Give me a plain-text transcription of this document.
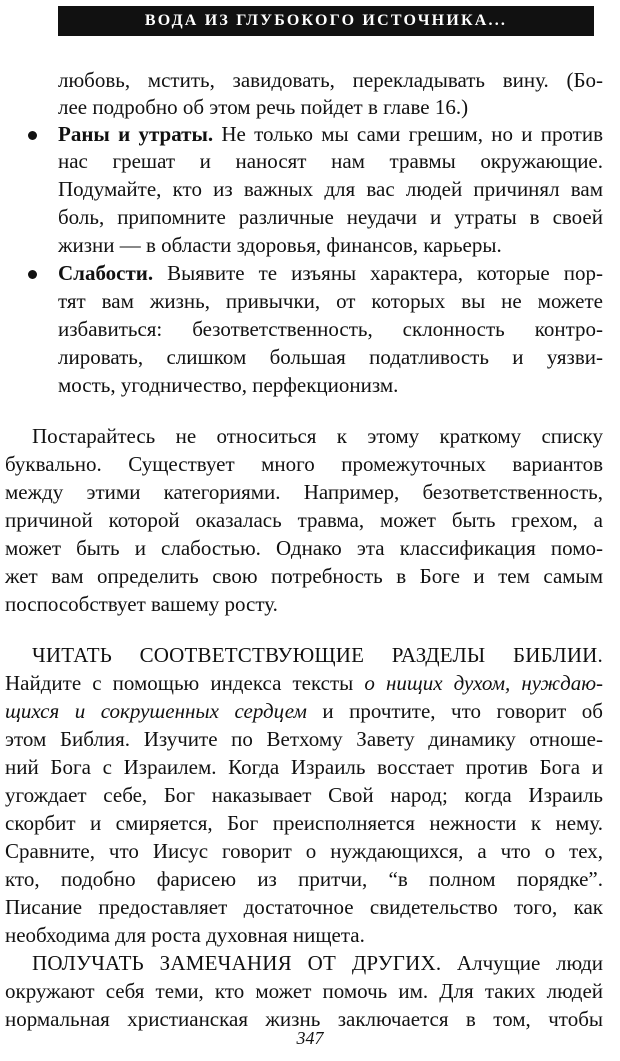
ВОДА ИЗ ГЛУБОКОГО ИСТОЧНИКА...
любовь, мстить, завидовать, перекладывать вину. (Бо-
лее подробно об этом речь пойдет в главе 16.)
Раны и утраты. Не только мы сами грешим, но и против
нас грешат и наносят нам травмы окружающие.
Подумайте, кто из важных для вас людей причинял вам
боль, припомните различные неудачи и утраты в своей
жизни — в области здоровья, финансов, карьеры.
Слабости. Выявите те изъяны характера, которые пор-
тят вам жизнь, привычки, от которых вы не можете
избавиться: безответственность, склонность контро-
лировать, слишком большая податливость и уязви-
мость, угодничество, перфекционизм.
Постарайтесь не относиться к этому краткому списку
буквально. Существует много промежуточных вариантов
между этими категориями. Например, безответственность,
причиной которой оказалась травма, может быть грехом, а
может быть и слабостью. Однако эта классификация помо-
жет вам определить свою потребность в Боге и тем самым
поспособствует вашему росту.
ЧИТАТЬ СООТВЕТСТВУЮЩИЕ РАЗДЕЛЫ БИБЛИИ.
Найдите с помощью индекса тексты о нищих духом, нуждаю-
щихся и сокрушенных сердцем и прочтите, что говорит об
этом Библия. Изучите по Ветхому Завету динамику отноше-
ний Бога с Израилем. Когда Израиль восстает против Бога и
угождает себе, Бог наказывает Свой народ; когда Израиль
скорбит и смиряется, Бог преисполняется нежности к нему.
Сравните, что Иисус говорит о нуждающихся, а что о тех,
кто, подобно фарисею из притчи, “в полном порядке”.
Писание предоставляет достаточное свидетельство того, как
необходима для роста духовная нищета.
ПОЛУЧАТЬ ЗАМЕЧАНИЯ ОТ ДРУГИХ. Алчущие люди
окружают себя теми, кто может помочь им. Для таких людей
нормальная христианская жизнь заключается в том, чтобы
347
